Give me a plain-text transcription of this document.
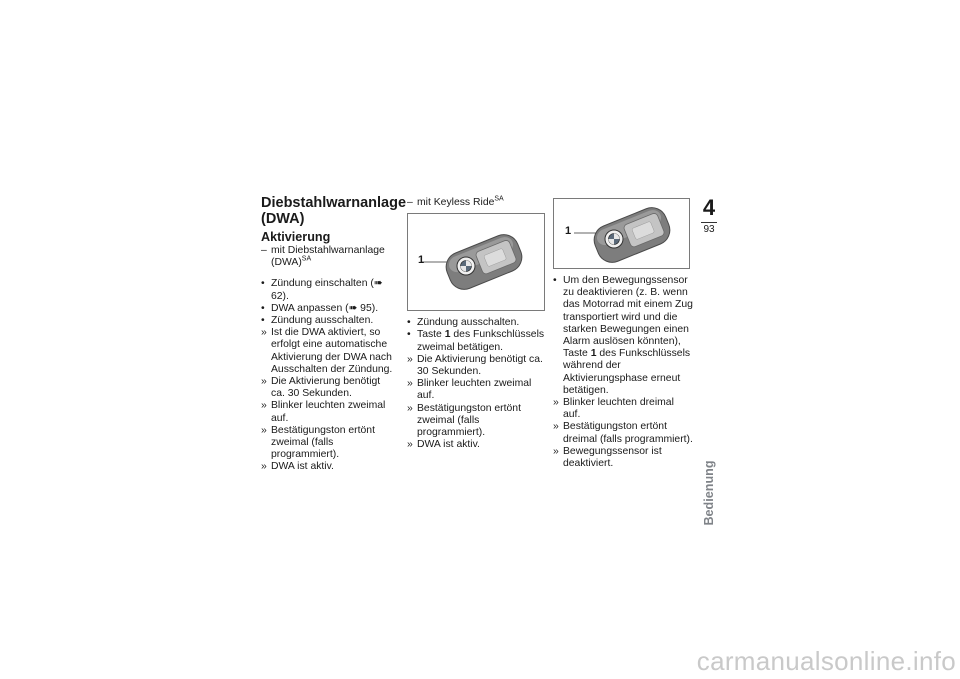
Diebstahlwarnanlage (DWA)
Aktivierung
– mit Diebstahlwarnanlage
(DWA)$^{SA}$
• Zündung einschalten (➠ 62).
• DWA anpassen (➠ 95).
• Zündung ausschalten.
» Ist die DWA aktiviert, so erfolgt eine automatische Aktivierung der DWA nach Ausschalten der Zündung.
» Die Aktivierung benötigt ca. 30 Sekunden.
» Blinker leuchten zweimal auf.
» Bestätigungston ertönt zweimal (falls programmiert).
» DWA ist aktiv.
– mit Keyless Ride$^{SA}$
1
• Zündung ausschalten.
• Taste 1 des Funkschlüssels zweimal betätigen.
» Die Aktivierung benötigt ca. 30 Sekunden.
» Blinker leuchten zweimal auf.
» Bestätigungston ertönt zweimal (falls programmiert).
» DWA ist aktiv.
1
• Um den Bewegungssensor zu deaktivieren (z. B. wenn das Motorrad mit einem Zug transportiert wird und die starken Bewegungen einen Alarm auslösen könnten), Taste 1 des Funkschlüssels während der Aktivierungsphase erneut betätigen.
» Blinker leuchten dreimal auf.
» Bestätigungston ertönt dreimal (falls programmiert).
» Bewegungssensor ist deaktiviert.
4
93
Bedienung
carmanualsonline.info
